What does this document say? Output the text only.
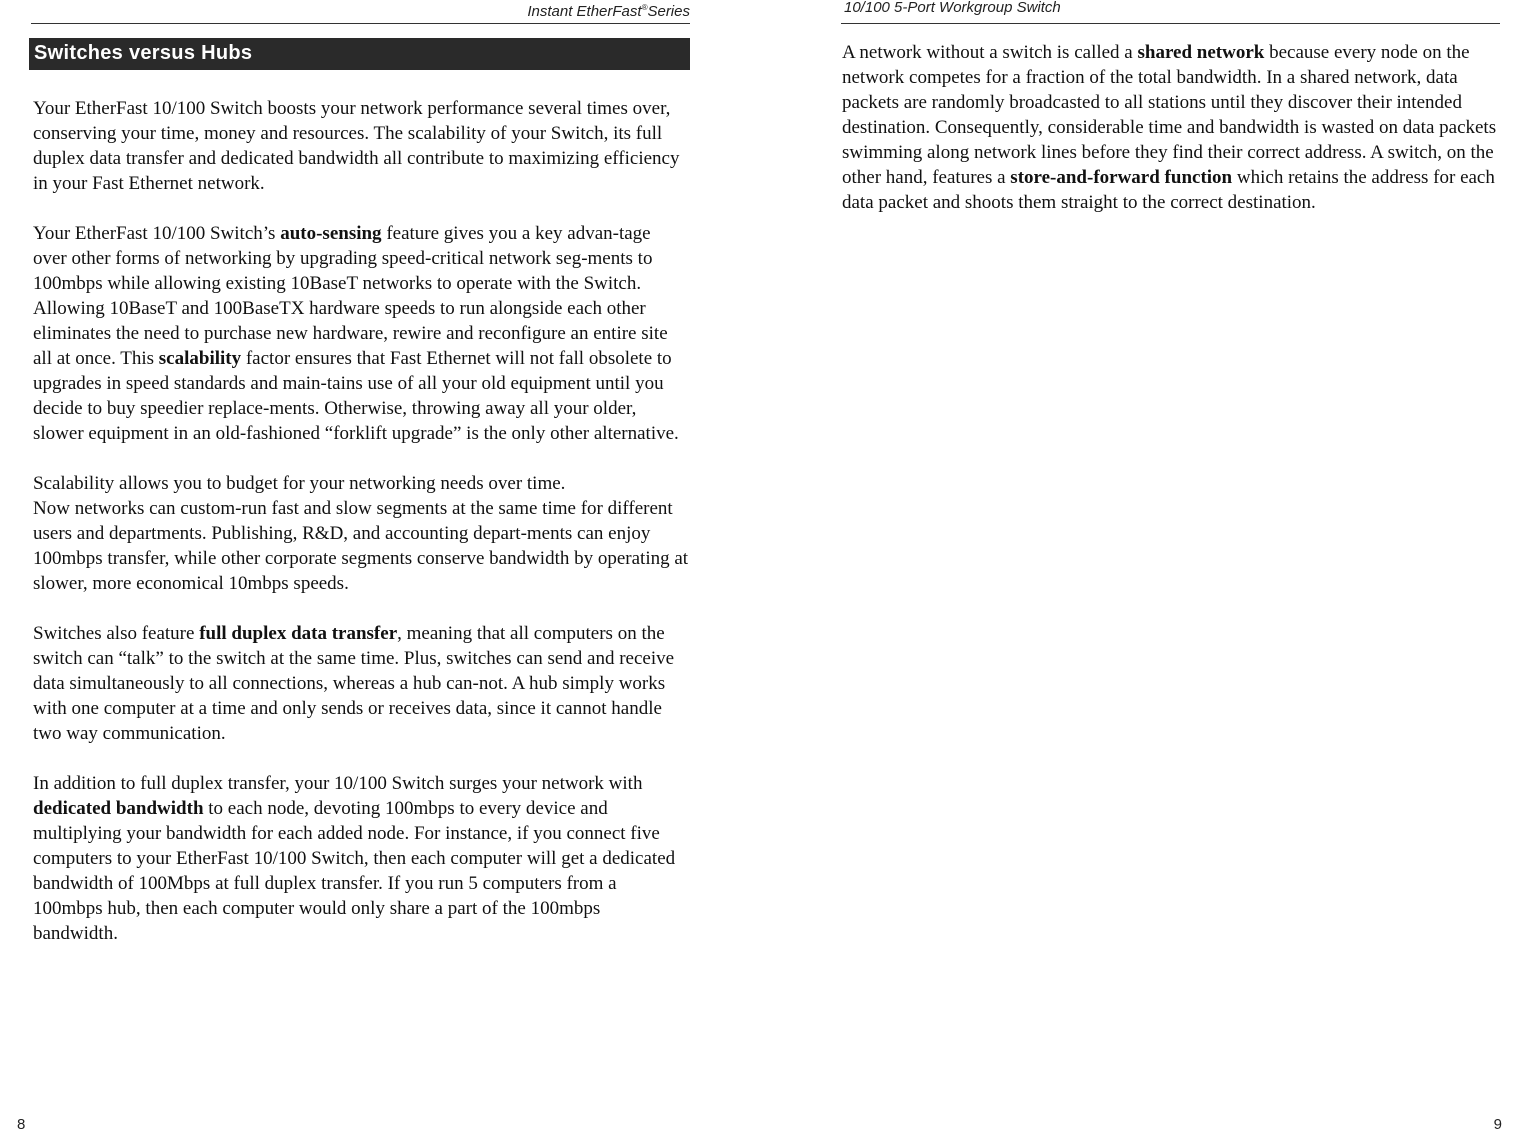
Instant EtherFast®Series
Switches versus Hubs

Your EtherFast 10/100 Switch boosts your network performance several times over, conserving your time, money and resources. The scalability of your Switch, its full duplex data transfer and dedicated bandwidth all contribute to maximizing efficiency in your Fast Ethernet network.

Your EtherFast 10/100 Switch’s auto-sensing feature gives you a key advan-tage over other forms of networking by upgrading speed-critical network seg-ments to 100mbps while allowing existing 10BaseT networks to operate with the Switch. Allowing 10BaseT and 100BaseTX hardware speeds to run alongside each other eliminates the need to purchase new hardware, rewire and reconfigure an entire site all at once. This scalability factor ensures that Fast Ethernet will not fall obsolete to upgrades in speed standards and main-tains use of all your old equipment until you decide to buy speedier replace-ments. Otherwise, throwing away all your older, slower equipment in an old-fashioned “forklift upgrade” is the only other alternative.

Scalability allows you to budget for your networking needs over time.
Now networks can custom-run fast and slow segments at the same time for different users and departments. Publishing, R&D, and accounting depart-ments can enjoy 100mbps transfer, while other corporate segments conserve bandwidth by operating at slower, more economical 10mbps speeds.

Switches also feature full duplex data transfer, meaning that all computers on the switch can “talk” to the switch at the same time. Plus, switches can send and receive data simultaneously to all connections, whereas a hub can-not. A hub simply works with one computer at a time and only sends or receives data, since it cannot handle two way communication.

In addition to full duplex transfer, your 10/100 Switch surges your network with dedicated bandwidth to each node, devoting 100mbps to every device and multiplying your bandwidth for each added node. For instance, if you connect five computers to your EtherFast 10/100 Switch, then each computer will get a dedicated bandwidth of 100Mbps at full duplex transfer. If you run 5 computers from a 100mbps hub, then each computer would only share a part of the 100mbps bandwidth.

8
10/100 5-Port Workgroup Switch

A network without a switch is called a shared network because every node on the network competes for a fraction of the total bandwidth. In a shared network, data packets are randomly broadcasted to all stations until they discover their intended destination. Consequently, considerable time and bandwidth is wasted on data packets swimming along network lines before they find their correct address. A switch, on the other hand, features a store-and-forward function which retains the address for each data packet and shoots them straight to the correct destination.

9
